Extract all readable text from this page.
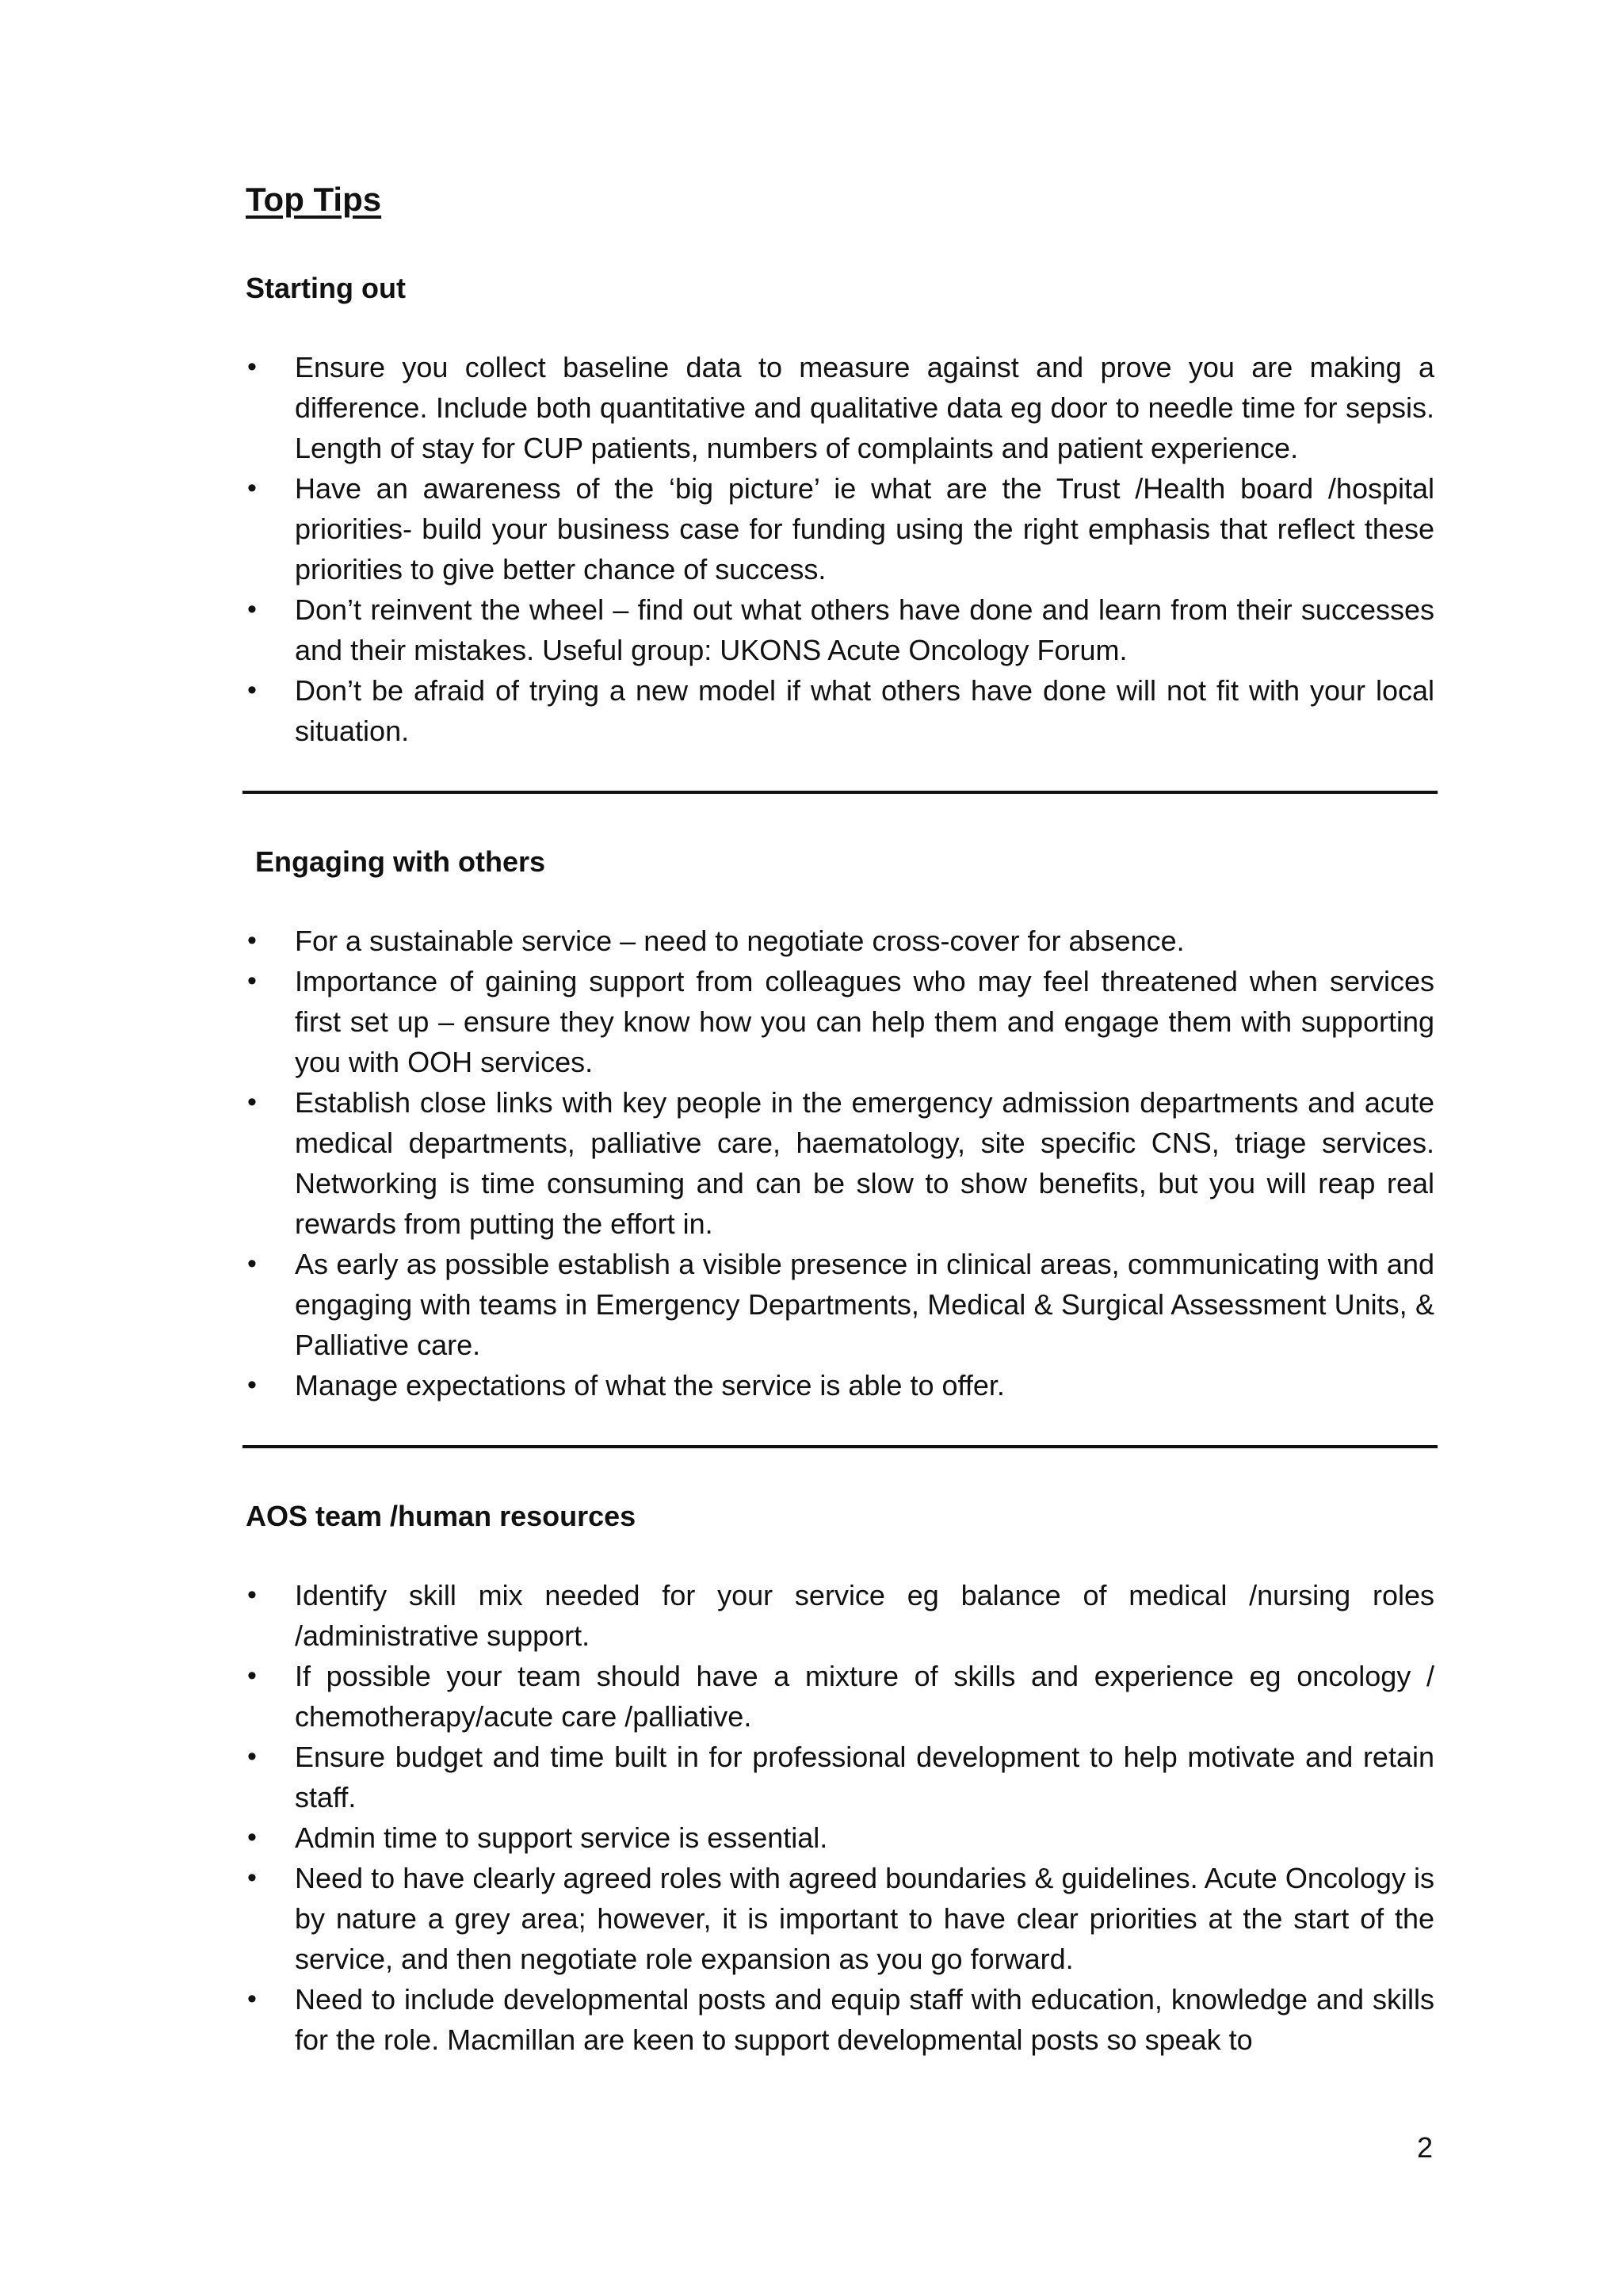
Top Tips
Starting out
• Ensure you collect baseline data to measure against and prove you are making a difference. Include both quantitative and qualitative data eg door to needle time for sepsis. Length of stay for CUP patients, numbers of complaints and patient experience.
• Have an awareness of the ‘big picture’ ie what are the Trust /Health board /hospital priorities- build your business case for funding using the right emphasis that reflect these priorities to give better chance of success.
• Don’t reinvent the wheel – find out what others have done and learn from their successes and their mistakes. Useful group: UKONS Acute Oncology Forum.
• Don’t be afraid of trying a new model if what others have done will not fit with your local situation.
Engaging with others
• For a sustainable service – need to negotiate cross-cover for absence.
• Importance of gaining support from colleagues who may feel threatened when services first set up – ensure they know how you can help them and engage them with supporting you with OOH services.
• Establish close links with key people in the emergency admission departments and acute medical departments, palliative care, haematology, site specific CNS, triage services. Networking is time consuming and can be slow to show benefits, but you will reap real rewards from putting the effort in.
• As early as possible establish a visible presence in clinical areas, communicating with and engaging with teams in Emergency Departments, Medical & Surgical Assessment Units, & Palliative care.
• Manage expectations of what the service is able to offer.
AOS team /human resources
• Identify skill mix needed for your service eg balance of medical /nursing roles /administrative support.
• If possible your team should have a mixture of skills and experience eg oncology / chemotherapy/acute care /palliative.
• Ensure budget and time built in for professional development to help motivate and retain staff.
• Admin time to support service is essential.
• Need to have clearly agreed roles with agreed boundaries & guidelines. Acute Oncology is by nature a grey area; however, it is important to have clear priorities at the start of the service, and then negotiate role expansion as you go forward.
• Need to include developmental posts and equip staff with education, knowledge and skills for the role. Macmillan are keen to support developmental posts so speak to
2
